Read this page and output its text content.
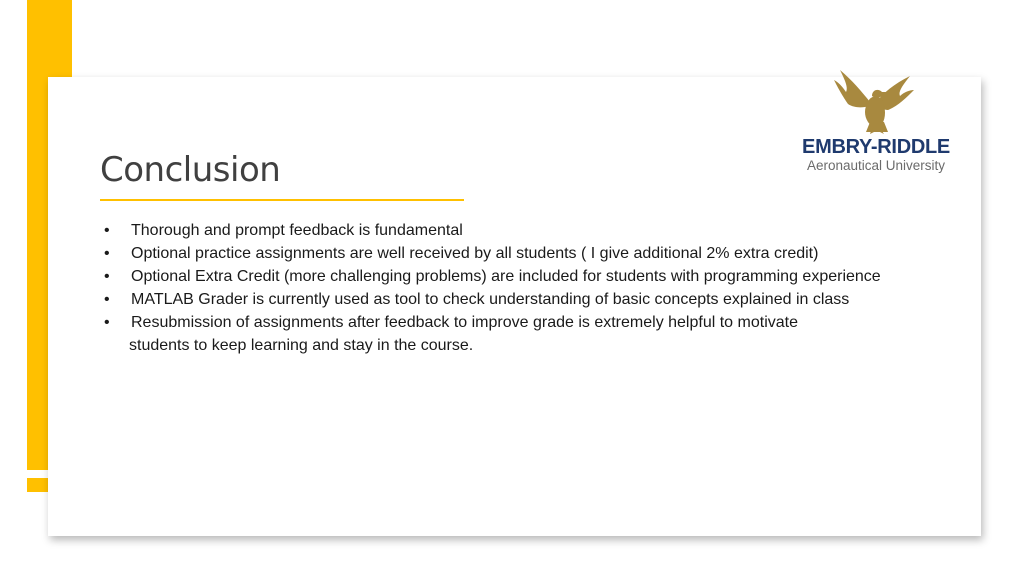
Conclusion
• Thorough and prompt feedback is fundamental
• Optional practice assignments are well received by all students ( I give additional 2% extra credit)
• Optional Extra Credit (more challenging problems) are included for students with programming experience
• MATLAB Grader is currently used as tool to check understanding of basic concepts explained in class
• Resubmission of assignments after feedback to improve grade is extremely helpful to motivate
students to keep learning and stay in the course.
EMBRY-RIDDLE
Aeronautical University
